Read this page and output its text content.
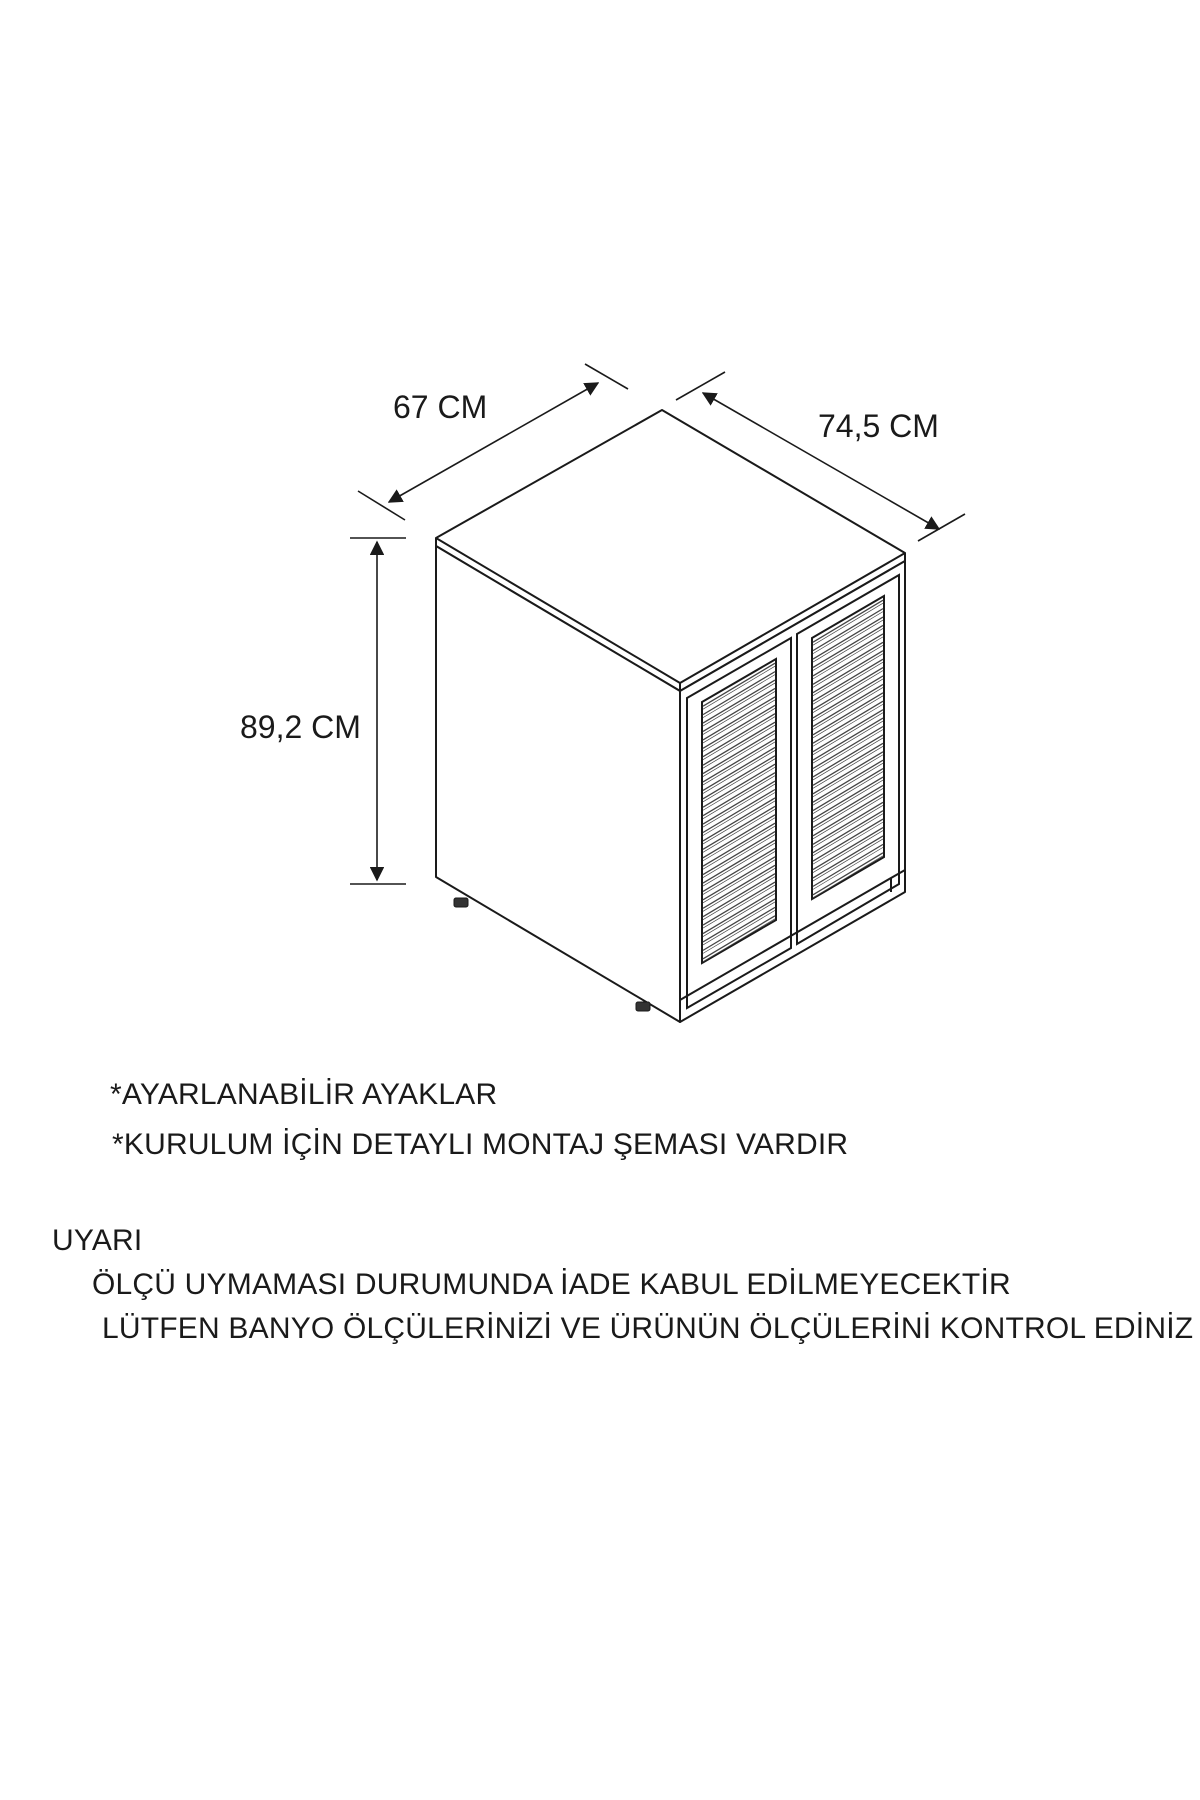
67 CM
74,5 CM
89,2 CM
*AYARLANABİLİR AYAKLAR
*KURULUM İÇİN DETAYLI MONTAJ ŞEMASI VARDIR
UYARI
ÖLÇÜ UYMAMASI DURUMUNDA İADE KABUL EDİLMEYECEKTİR
LÜTFEN BANYO ÖLÇÜLERİNİZİ VE ÜRÜNÜN ÖLÇÜLERİNİ KONTROL EDİNİZ
